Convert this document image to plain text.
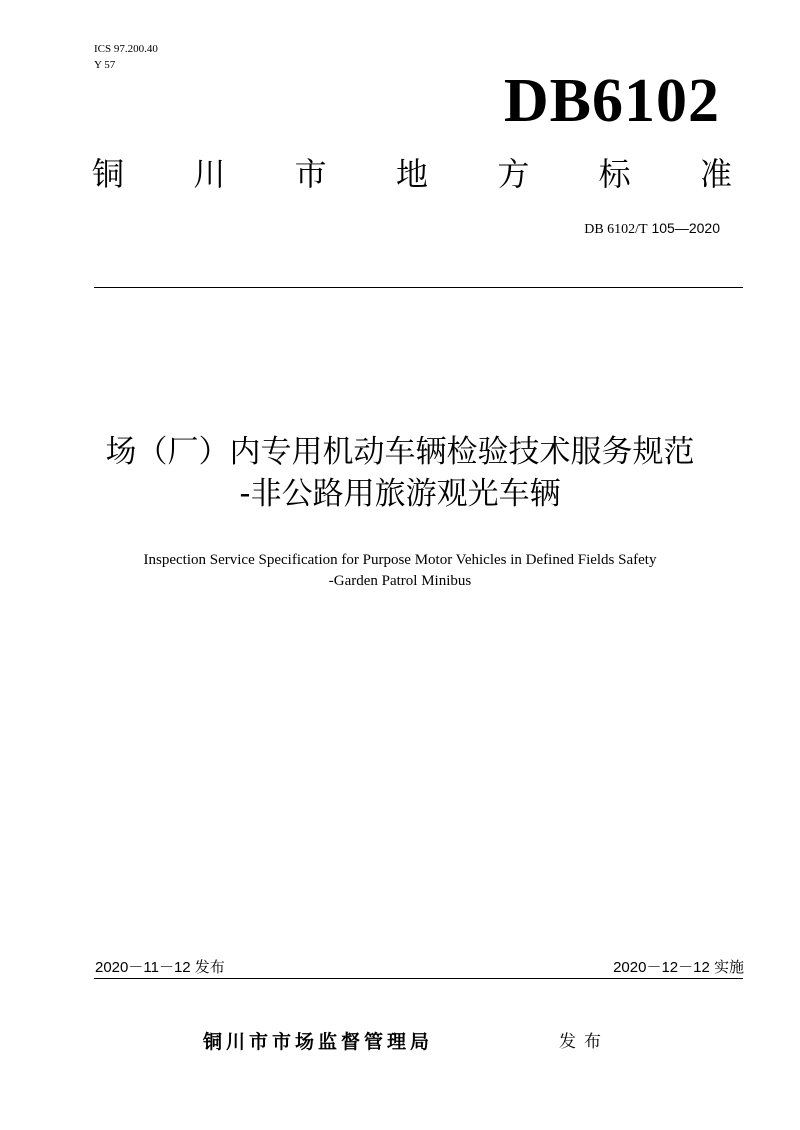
ICS 97.200.40
Y 57
DB6102
铜 川 市 地 方 标 准
DB 6102/T 105—2020
场（厂）内专用机动车辆检验技术服务规范
-非公路用旅游观光车辆
Inspection Service Specification for Purpose Motor Vehicles in Defined Fields Safety
-Garden Patrol Minibus
2020－11－12 发布	2020－12－12 实施
铜川市市场监督管理局	发布
